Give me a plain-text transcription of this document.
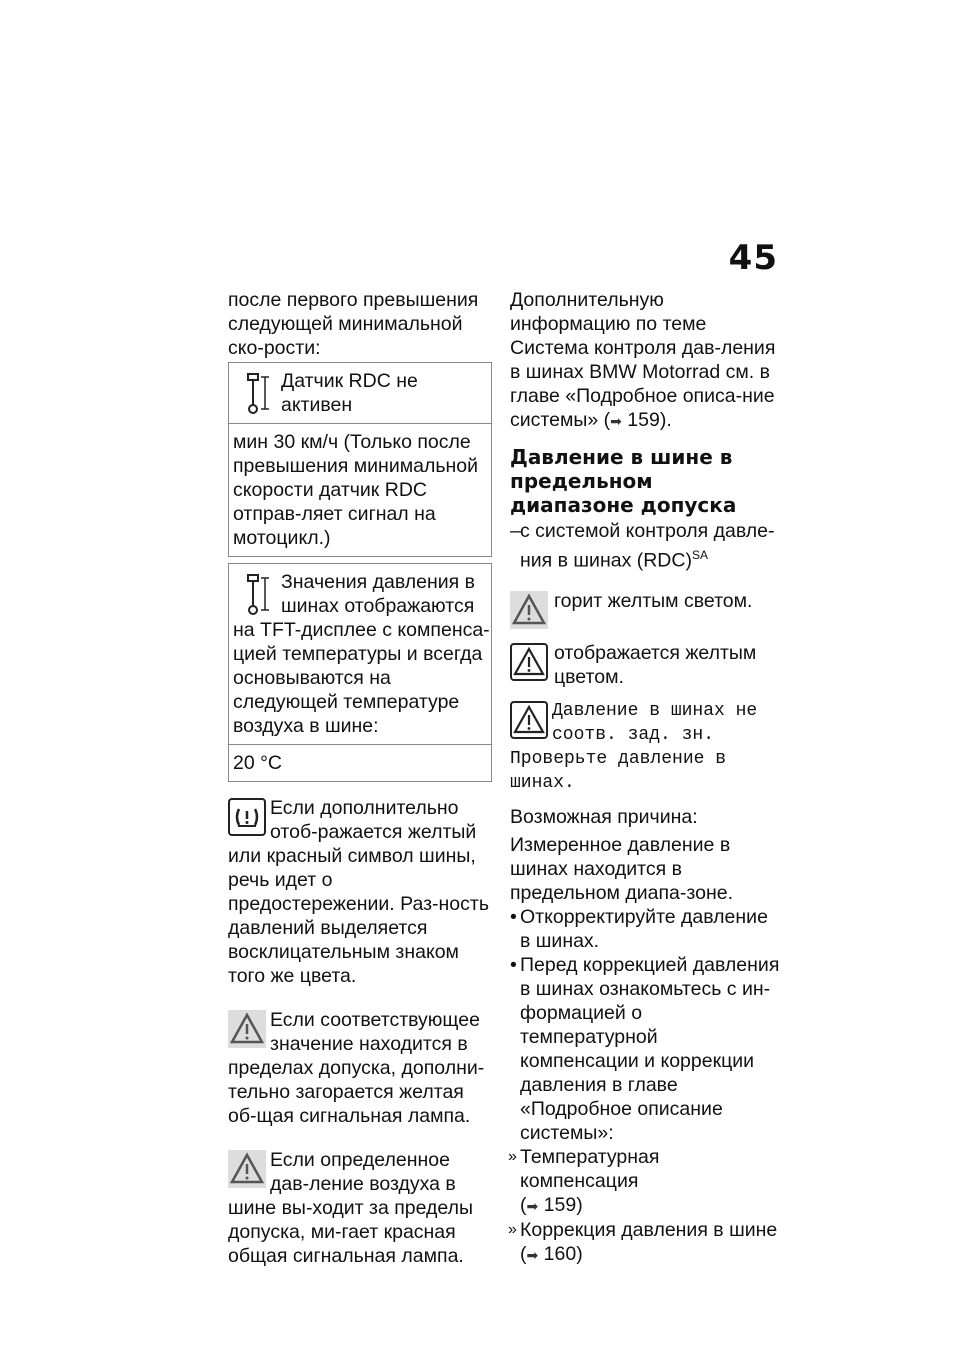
45

после первого превышения следующей минимальной ско-рости:

Датчик RDC не активен
мин 30 км/ч (Только после превышения минимальной скорости датчик RDC отправ-ляет сигнал на мотоцикл.)
Значения давления в шинах отображаются на TFT-дисплее с компенса-цией температуры и всегда основываются на следующей температуре воздуха в шине:
20 °C

Если дополнительно отоб-ражается желтый или красный символ шины, речь идет о предостережении. Раз-ность давлений выделяется восклицательным знаком того же цвета.

Если соответствующее значение находится в пределах допуска, дополни-тельно загорается желтая об-щая сигнальная лампа.

Если определенное дав-ление воздуха в шине вы-ходит за пределы допуска, ми-гает красная общая сигнальная лампа.

Дополнительную информацию по теме Система контроля дав-ления в шинах BMW Motorrad см. в главе «Подробное описа-ние системы» (➡ 159).

Давление в шине в предельном диапазоне допуска
– с системой контроля давле-ния в шинах (RDC)$^{SA}$
горит желтым светом.
отображается желтым цветом.

Давление в шинах не соотв. зад. зн. Проверьте давление в шинах.

Возможная причина:

Измеренное давление в шинах находится в предельном диапа-зоне.

• Откорректируйте давление в шинах.
• Перед коррекцией давления в шинах ознакомьтесь с ин-формацией о температурной компенсации и коррекции давления в главе «Подробное описание системы»:
» Температурная компенсация
(➡ 159)
» Коррекция давления в шине
(➡ 160)
